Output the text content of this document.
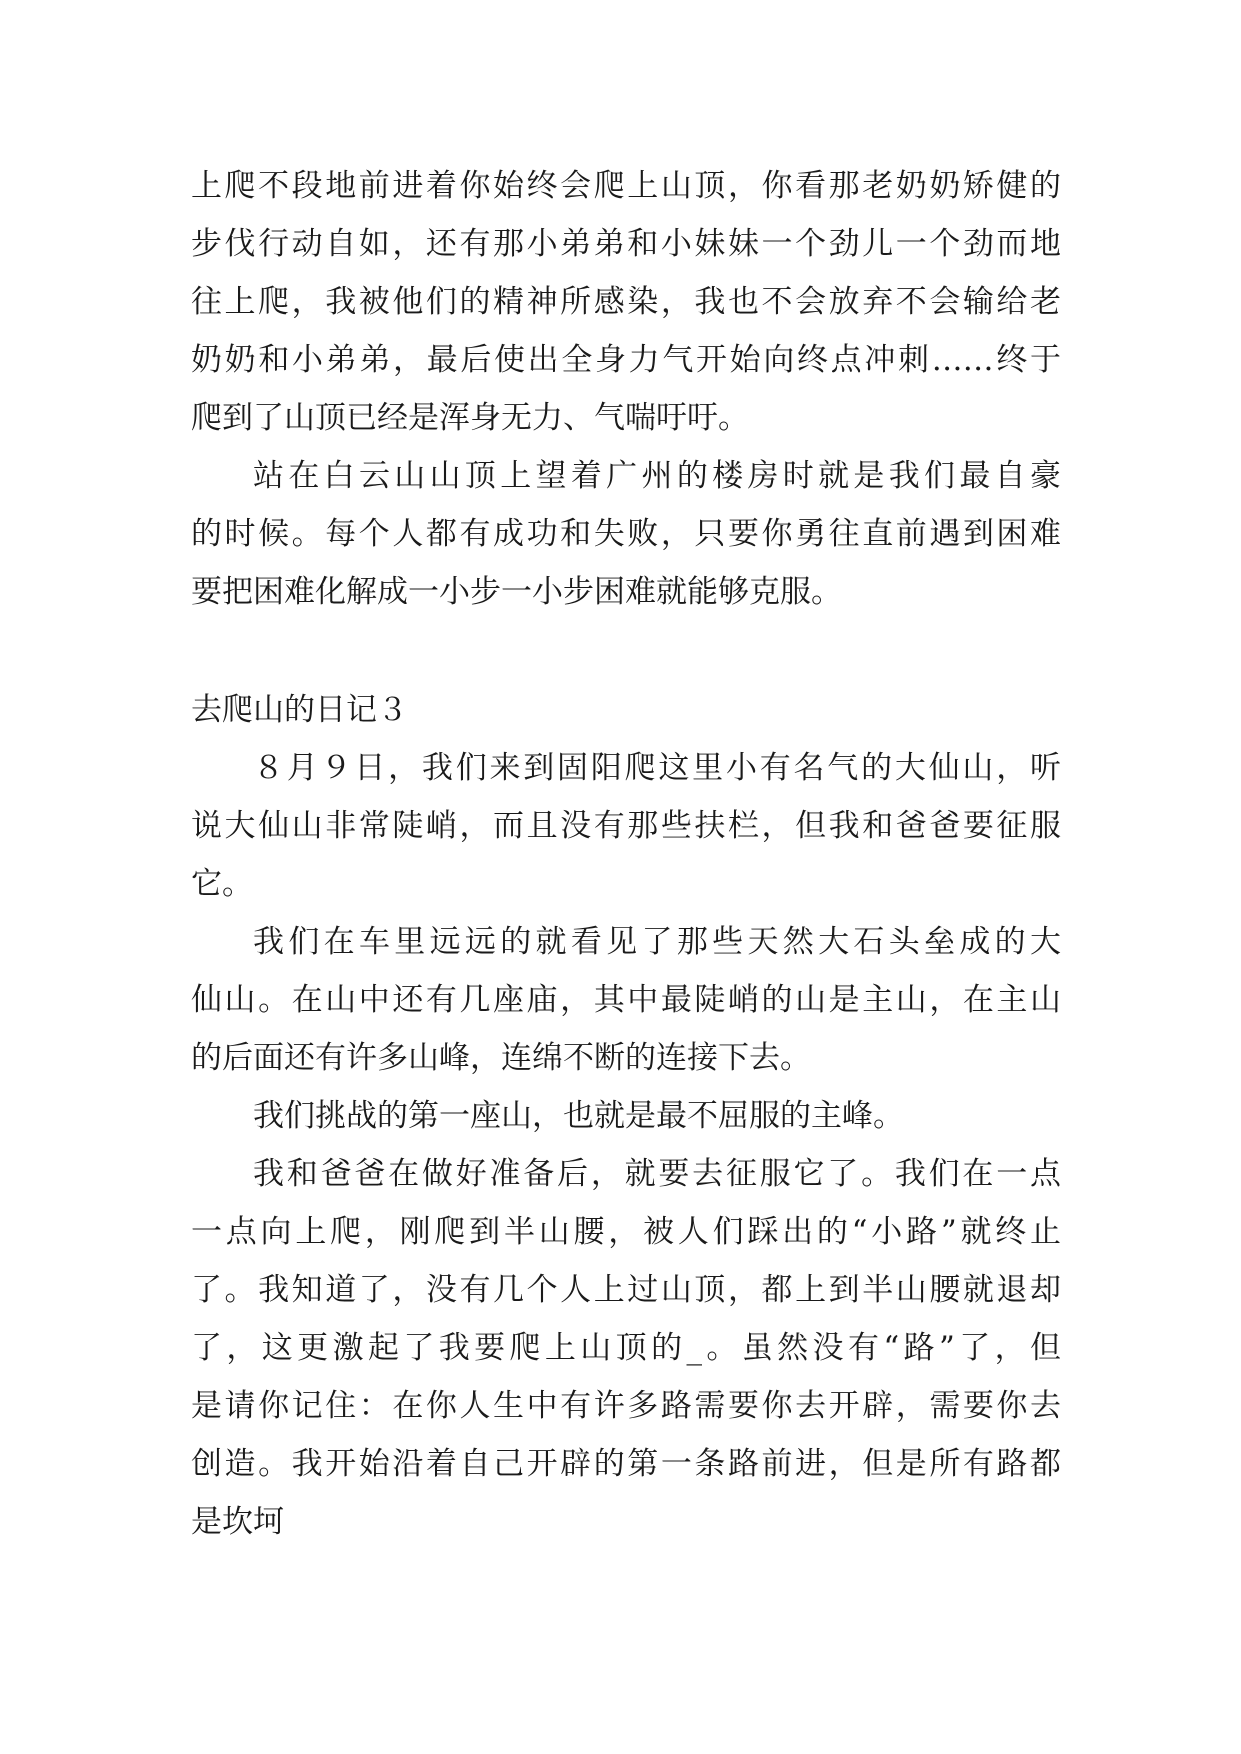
上爬不段地前进着你始终会爬上山顶，你看那老奶奶矫健的
步伐行动自如，还有那小弟弟和小妹妹一个劲儿一个劲而地
往上爬，我被他们的精神所感染，我也不会放弃不会输给老
奶奶和小弟弟，最后使出全身力气开始向终点冲刺……终于
爬到了山顶已经是浑身无力、气喘吁吁。
站在白云山山顶上望着广州的楼房时就是我们最自豪
的时候。每个人都有成功和失败，只要你勇往直前遇到困难
要把困难化解成一小步一小步困难就能够克服。
去爬山的日记３
８月９日，我们来到固阳爬这里小有名气的大仙山，听
说大仙山非常陡峭，而且没有那些扶栏，但我和爸爸要征服
它。
我们在车里远远的就看见了那些天然大石头垒成的大
仙山。在山中还有几座庙，其中最陡峭的山是主山，在主山
的后面还有许多山峰，连绵不断的连接下去。
我们挑战的第一座山，也就是最不屈服的主峰。
我和爸爸在做好准备后，就要去征服它了。我们在一点
一点向上爬，刚爬到半山腰，被人们踩出的“小路”就终止
了。我知道了，没有几个人上过山顶，都上到半山腰就退却
了，这更激起了我要爬上山顶的_。虽然没有“路”了，但
是请你记住：在你人生中有许多路需要你去开辟，需要你去
创造。我开始沿着自己开辟的第一条路前进，但是所有路都
是坎坷
